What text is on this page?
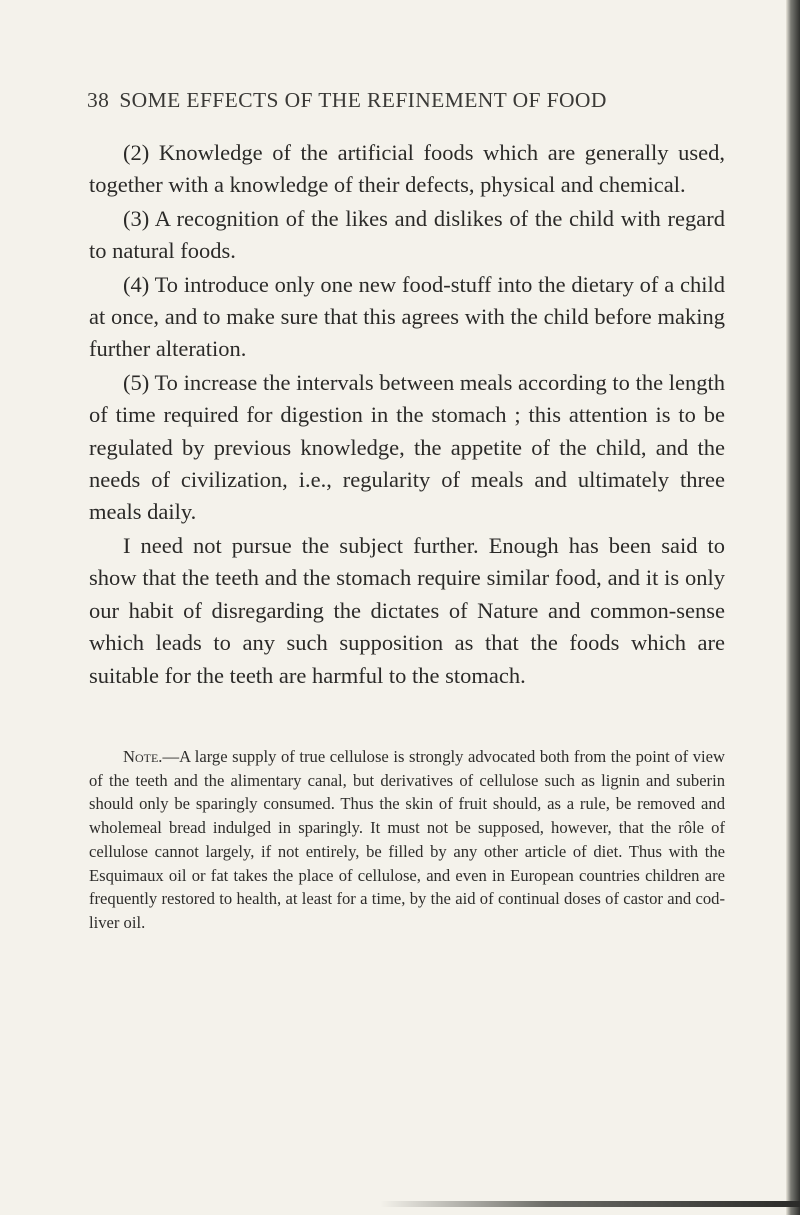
38 SOME EFFECTS OF THE REFINEMENT OF FOOD

(2) Knowledge of the artificial foods which are generally used, together with a knowledge of their defects, physical and chemical.

(3) A recognition of the likes and dislikes of the child with regard to natural foods.

(4) To introduce only one new food-stuff into the dietary of a child at once, and to make sure that this agrees with the child before making further alteration.

(5) To increase the intervals between meals according to the length of time required for digestion in the stomach ; this attention is to be regulated by previous knowledge, the appetite of the child, and the needs of civilization, i.e., regularity of meals and ultimately three meals daily.

I need not pursue the subject further. Enough has been said to show that the teeth and the stomach require similar food, and it is only our habit of disregarding the dictates of Nature and common-sense which leads to any such supposition as that the foods which are suitable for the teeth are harmful to the stomach.

Note.—A large supply of true cellulose is strongly advocated both from the point of view of the teeth and the alimentary canal, but derivatives of cellulose such as lignin and suberin should only be sparingly consumed. Thus the skin of fruit should, as a rule, be removed and wholemeal bread indulged in sparingly. It must not be supposed, however, that the rôle of cellulose cannot largely, if not entirely, be filled by any other article of diet. Thus with the Esquimaux oil or fat takes the place of cellulose, and even in European countries children are frequently restored to health, at least for a time, by the aid of continual doses of castor and cod-liver oil.
